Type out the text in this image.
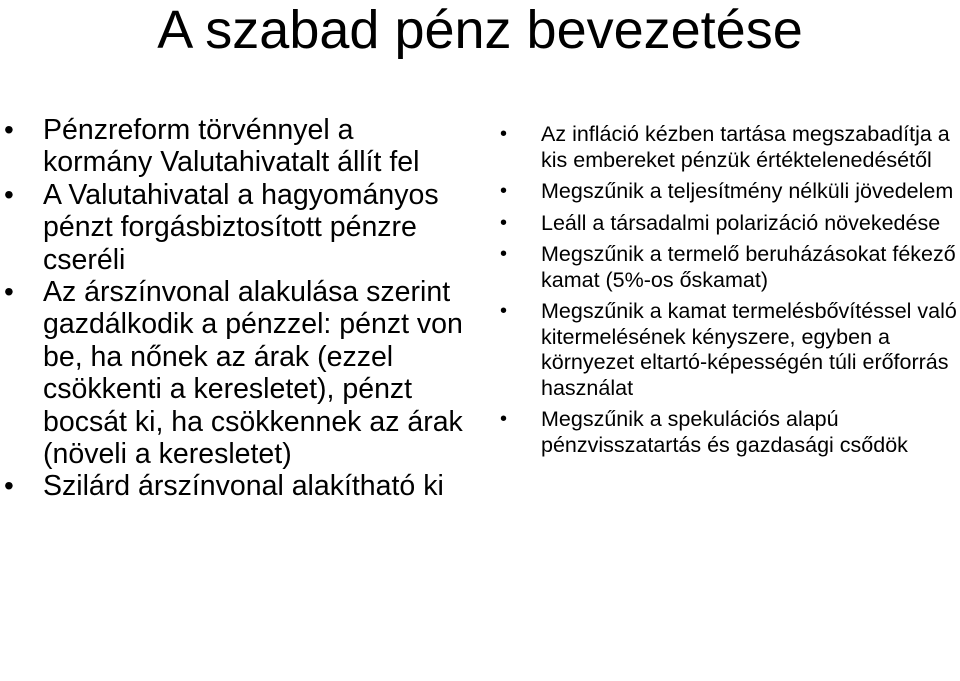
A szabad pénz bevezetése
•	Pénzreform törvénnyel a kormány Valutahivatalt állít fel
•	A Valutahivatal a hagyományos pénzt forgásbiztosított pénzre cseréli
•	Az árszínvonal alakulása szerint gazdálkodik a pénzzel: pénzt von be, ha nőnek az árak (ezzel csökkenti a keresletet), pénzt bocsát ki, ha csökkennek az árak (növeli a keresletet)
•	Szilárd árszínvonal alakítható ki
•	Az infláció kézben tartása megszabadítja a kis embereket pénzük értéktelenedésétől
•	Megszűnik a teljesítmény nélküli jövedelem
•	Leáll a társadalmi polarizáció növekedése
•	Megszűnik a termelő beruházásokat fékező kamat (5%-os őskamat)
•	Megszűnik a kamat termelésbővítéssel való kitermelésének kényszere, egyben a környezet eltartó-képességén túli erőforrás használat
•	Megszűnik a spekulációs alapú pénzvisszatartás és gazdasági csődök
